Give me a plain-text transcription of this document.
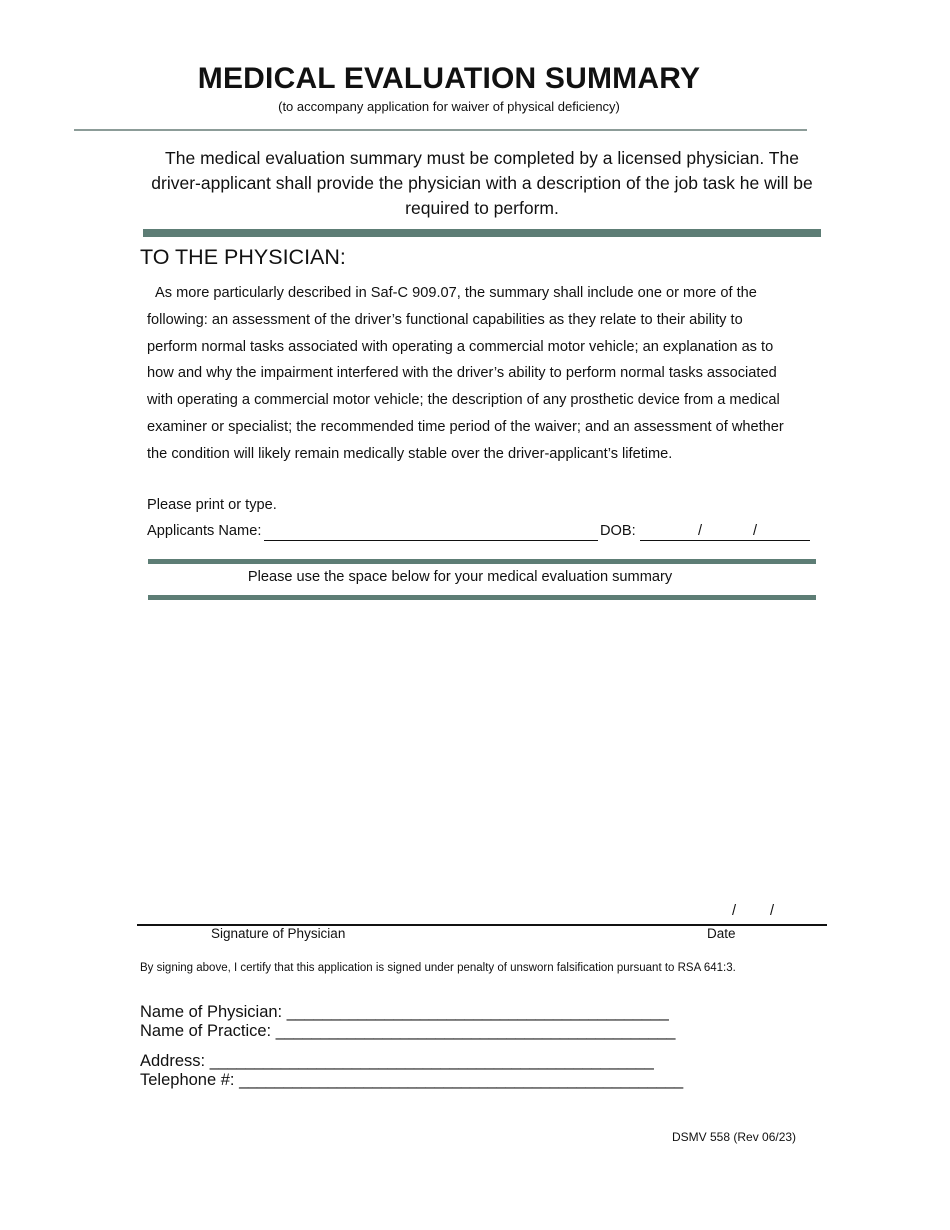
MEDICAL EVALUATION SUMMARY
(to accompany application for waiver of physical deficiency)
The medical evaluation summary must be completed by a licensed physician. The driver-applicant shall provide the physician with a description of the job task he will be required to perform.
TO THE PHYSICIAN:
As more particularly described in Saf-C 909.07, the summary shall include one or more of the
following: an assessment of the driver’s functional capabilities as they relate to their ability to
perform normal tasks associated with operating a commercial motor vehicle; an explanation as to
how and why the impairment interfered with the driver’s ability to perform normal tasks associated
with operating a commercial motor vehicle; the description of any prosthetic device from a medical
examiner or specialist; the recommended time period of the waiver; and an assessment of whether
the condition will likely remain medically stable over the driver-applicant’s lifetime.
Please print or type.
Applicants Name:	DOB:	/	/
Please use the space below for your medical evaluation summary
/ /
Signature of Physician	Date
By signing above, I certify that this application is signed under penalty of unsworn falsification pursuant to RSA 641:3.
Name of Physician: ___________________________________________
Name of Practice: _____________________________________________
Address: __________________________________________________
Telephone #: __________________________________________________
DSMV 558 (Rev 06/23)
